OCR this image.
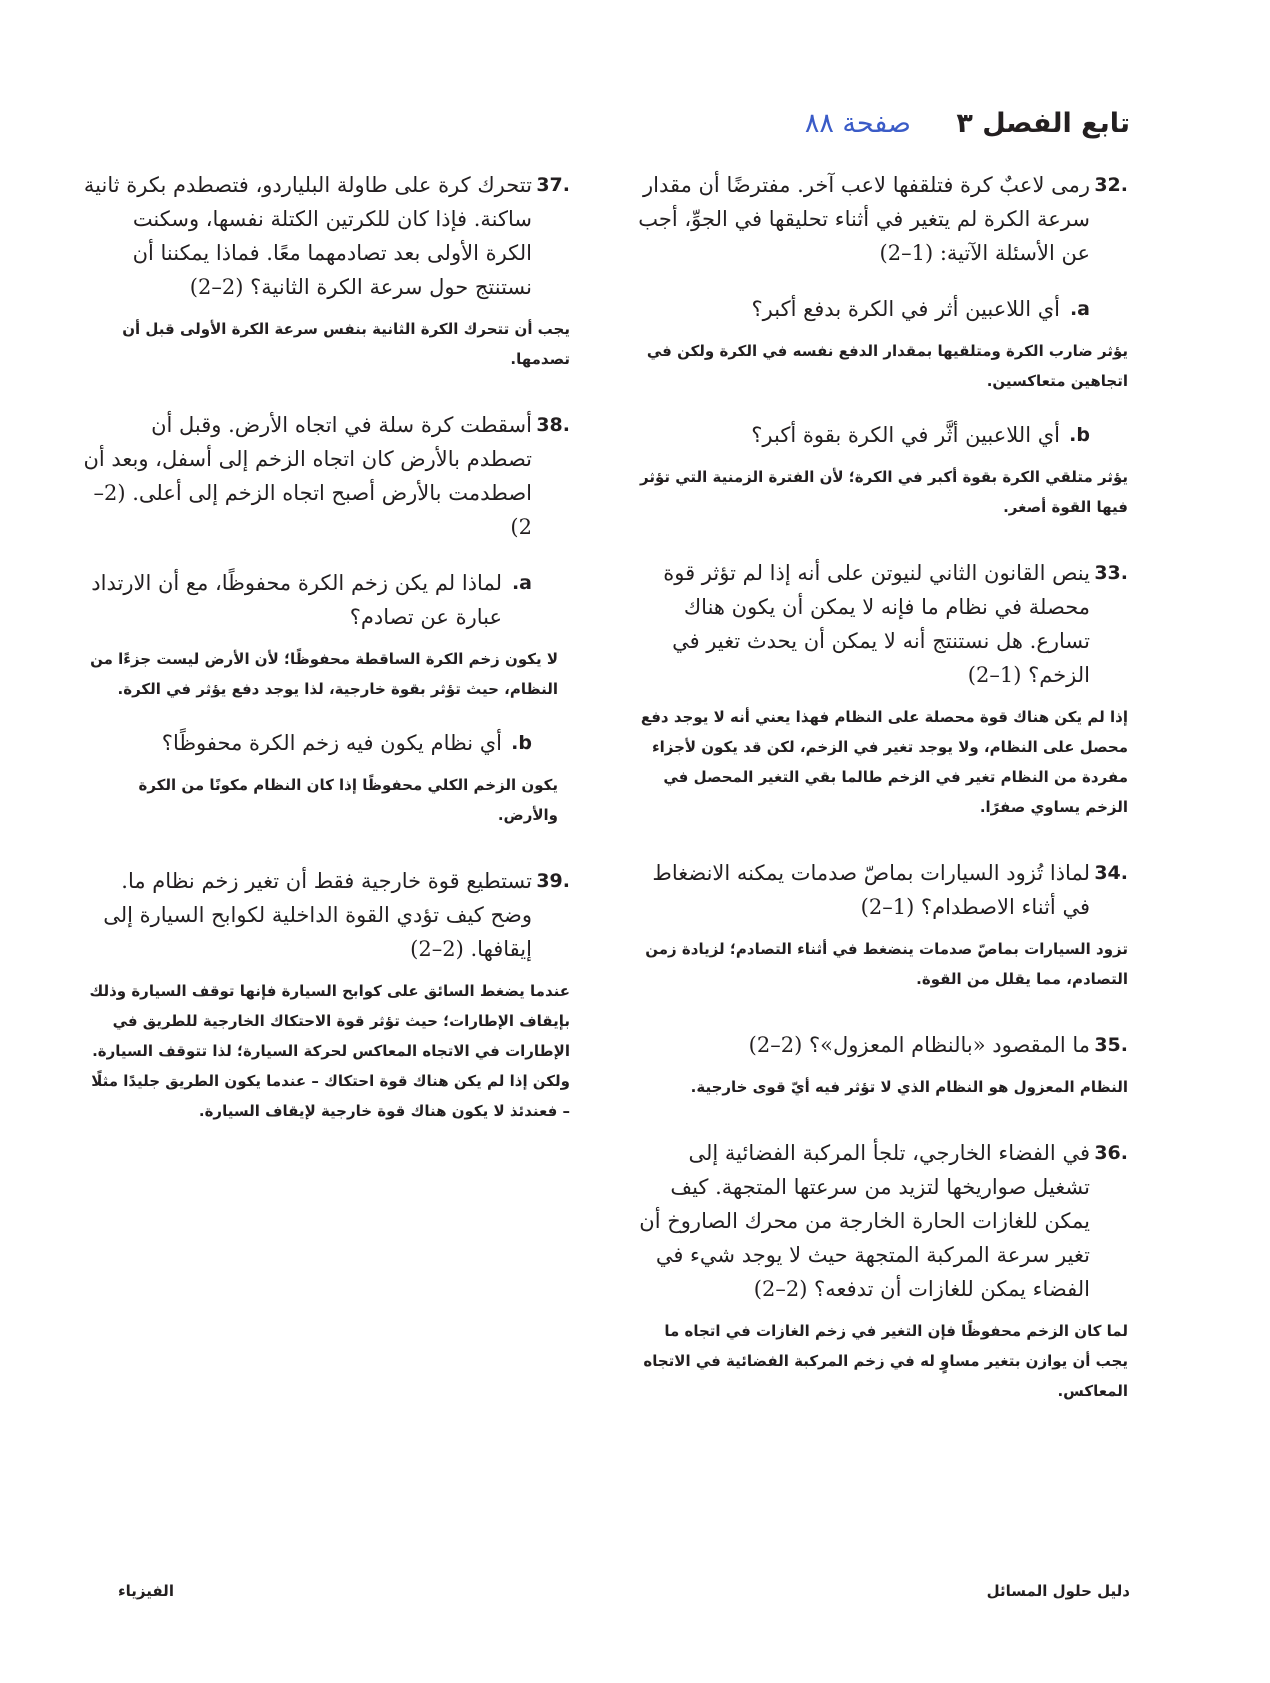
تابع الفصل ٣ صفحة ٨٨

32.
رمى لاعبٌ كرة فتلقفها لاعب آخر. مفترضًا أن مقدار سرعة الكرة لم يتغير في أثناء تحليقها في الجوِّ، أجب عن الأسئلة الآتية: (1–2)

a.
أي اللاعبين أثر في الكرة بدفع أكبر؟

يؤثر ضارب الكرة ومتلقيها بمقدار الدفع نفسه في الكرة ولكن في اتجاهين متعاكسين.

b.
أي اللاعبين أثَّر في الكرة بقوة أكبر؟

يؤثر متلقي الكرة بقوة أكبر في الكرة؛ لأن الفترة الزمنية التي تؤثر فيها القوة أصغر.

33.
ينص القانون الثاني لنيوتن على أنه إذا لم تؤثر قوة محصلة في نظام ما فإنه لا يمكن أن يكون هناك تسارع. هل نستنتج أنه لا يمكن أن يحدث تغير في الزخم؟ (1–2)

إذا لم يكن هناك قوة محصلة على النظام فهذا يعني أنه لا يوجد دفع محصل على النظام، ولا يوجد تغير في الزخم، لكن قد يكون لأجزاء مفردة من النظام تغير في الزخم طالما بقي التغير المحصل في الزخم يساوي صفرًا.

34.
لماذا تُزود السيارات بماصّ صدمات يمكنه الانضغاط في أثناء الاصطدام؟ (1–2)

تزود السيارات بماصّ صدمات ينضغط في أثناء التصادم؛ لزيادة زمن التصادم، مما يقلل من القوة.

35.
ما المقصود «بالنظام المعزول»؟ (2–2)

النظام المعزول هو النظام الذي لا تؤثر فيه أيّ قوى خارجية.

36.
في الفضاء الخارجي، تلجأ المركبة الفضائية إلى تشغيل صواريخها لتزيد من سرعتها المتجهة. كيف يمكن للغازات الحارة الخارجة من محرك الصاروخ أن تغير سرعة المركبة المتجهة حيث لا يوجد شيء في الفضاء يمكن للغازات أن تدفعه؟ (2–2)

لما كان الزخم محفوظًا فإن التغير في زخم الغازات في اتجاه ما يجب أن يوازن بتغير مساوٍ له في زخم المركبة الفضائية في الاتجاه المعاكس.

37.
تتحرك كرة على طاولة البلياردو، فتصطدم بكرة ثانية ساكنة. فإذا كان للكرتين الكتلة نفسها، وسكنت الكرة الأولى بعد تصادمهما معًا. فماذا يمكننا أن نستنتج حول سرعة الكرة الثانية؟ (2–2)

يجب أن تتحرك الكرة الثانية بنفس سرعة الكرة الأولى قبل أن تصدمها.

38.
أسقطت كرة سلة في اتجاه الأرض. وقبل أن تصطدم بالأرض كان اتجاه الزخم إلى أسفل، وبعد أن اصطدمت بالأرض أصبح اتجاه الزخم إلى أعلى. (2–2)

a.
لماذا لم يكن زخم الكرة محفوظًا، مع أن الارتداد عبارة عن تصادم؟

لا يكون زخم الكرة الساقطة محفوظًا؛ لأن الأرض ليست جزءًا من النظام، حيث تؤثر بقوة خارجية، لذا يوجد دفع يؤثر في الكرة.

b.
أي نظام يكون فيه زخم الكرة محفوظًا؟

يكون الزخم الكلي محفوظًا إذا كان النظام مكونًا من الكرة والأرض.

39.
تستطيع قوة خارجية فقط أن تغير زخم نظام ما. وضح كيف تؤدي القوة الداخلية لكوابح السيارة إلى إيقافها. (2–2)

عندما يضغط السائق على كوابح السيارة فإنها توقف السيارة وذلك بإيقاف الإطارات؛ حيث تؤثر قوة الاحتكاك الخارجية للطريق في الإطارات في الاتجاه المعاكس لحركة السيارة؛ لذا تتوقف السيارة. ولكن إذا لم يكن هناك قوة احتكاك – عندما يكون الطريق جليدًا مثلًا – فعندئذ لا يكون هناك قوة خارجية لإيقاف السيارة.

دليل حلول المسائل
الفيزياء
